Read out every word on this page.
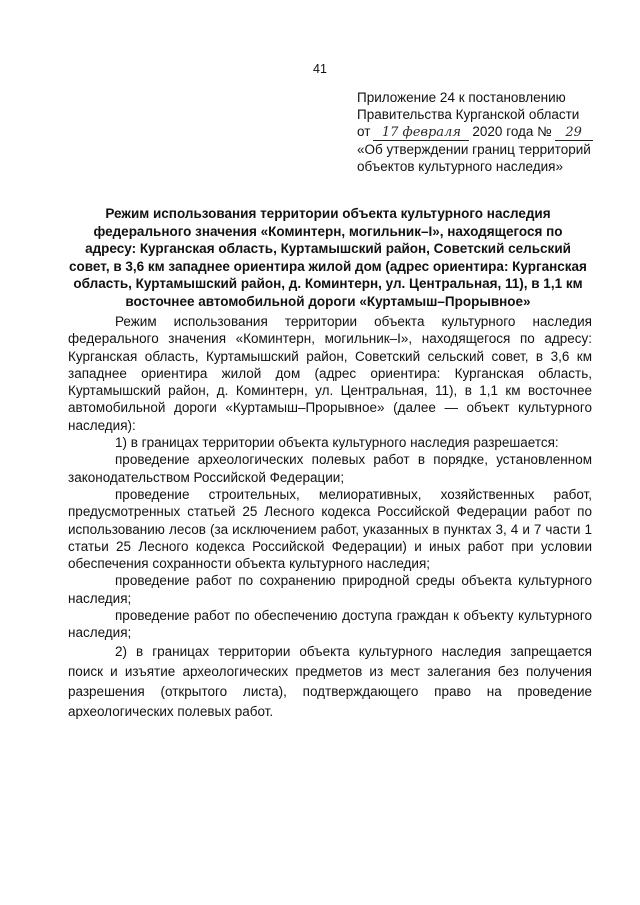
41
Приложение 24 к постановлению
Правительства Курганской области
от 17 февраля 2020 года №	29
«Об утверждении границ территорий
объектов культурного наследия»
Режим использования территории объекта культурного наследия федерального значения «Коминтерн, могильник–I», находящегося по адресу: Курганская область, Куртамышский район, Советский сельский совет, в 3,6 км западнее ориентира жилой дом (адрес ориентира: Курганская область, Куртамышский район, д. Коминтерн, ул. Центральная, 11), в 1,1 км восточнее автомобильной дороги «Куртамыш–Прорывное»

Режим использования территории объекта культурного наследия федерального значения «Коминтерн, могильник–I», находящегося по адресу: Курганская область, Куртамышский район, Советский сельский совет, в 3,6 км западнее ориентира жилой дом (адрес ориентира: Курганская область, Куртамышский район, д. Коминтерн, ул. Центральная, 11), в 1,1 км восточнее автомобильной дороги «Куртамыш–Прорывное» (далее — объект культурного наследия):

1) в границах территории объекта культурного наследия разрешается:

проведение археологических полевых работ в порядке, установленном законодательством Российской Федерации;

проведение строительных, мелиоративных, хозяйственных работ, предусмотренных статьей 25 Лесного кодекса Российской Федерации работ по использованию лесов (за исключением работ, указанных в пунктах 3, 4 и 7 части 1 статьи 25 Лесного кодекса Российской Федерации) и иных работ при условии обеспечения сохранности объекта культурного наследия;

проведение работ по сохранению природной среды объекта культурного наследия;

проведение работ по обеспечению доступа граждан к объекту культурного наследия;

2) в границах территории объекта культурного наследия запрещается поиск и изъятие археологических предметов из мест залегания без получения разрешения (открытого листа), подтверждающего право на проведение археологических полевых работ.
